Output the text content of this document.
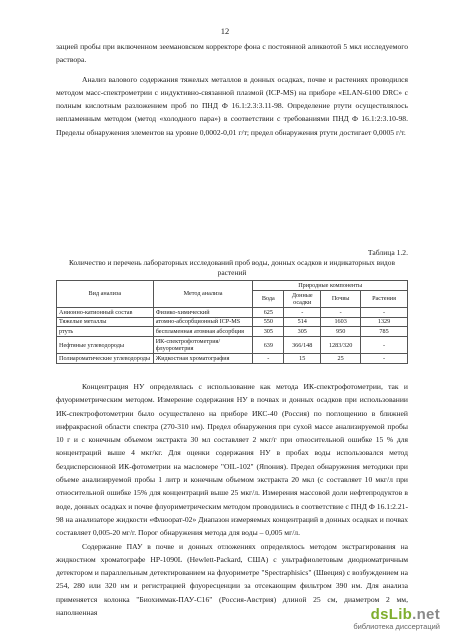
12

зацией пробы при включенном зеемановском корректоре фона с постоянной аликвотой 5 мкл исследуемого раствора.

Анализ валового содержания тяжелых металлов в донных осадках, почве и растениях проводился методом масс-спектрометрии с индуктивно-связанной плазмой (ICP-MS) на приборе «ELAN-6100 DRC» с полным кислотным разложением проб по ПНД Ф 16.1:2.3:3.11-98. Определение ртути осуществлялось непламенным методом (метод «холодного пара») в соответствии с требованиями ПНД Ф 16.1:2:3.10-98. Пределы обнаружения элементов на уровне 0,0002-0,01 г/т; предел обнаружения ртути достигает 0,0005 г/т.

Таблица 1.2.
Количество и перечень лабораторных исследований проб воды, донных осадков и индикаторных видов растений
Вид анализа	Метод анализа	Природные компоненты			
		Вода	Донные осадки	Почвы	Растения
Анионно-катионный состав	Физико-химический	625	-	-	-
Тяжелые металлы	атомно-абсорбционный ICP-MS	550	514	1603	1329
ртуть	беспламенная атомная абсорбция	305	305	950	785
Нефтяные углеводороды	ИК-спектрофотометрия/ флуорометрия	639	366/148	1283/320	-
Полиароматические углеводороды	Жидкостная хроматография	-	15	25	-

Концентрация НУ определялась с использование как метода ИК-спектрофотометрии, так и флуориметрическим методом. Измерение содержания НУ в почвах и донных осадков при использовании ИК-спектрофотометрии было осуществлено на приборе ИКС-40 (Россия) по поглощению в ближней инфракрасной области спектра (270-310 нм). Предел обнаружения при сухой массе анализируемой пробы 10 г и с конечным объемом экстракта 30 мл составляет 2 мкг/г при относительной ошибке 15 % для концентраций выше 4 мкг/кг. Для оценки содержания НУ в пробах воды использовался метод бездисперсионной ИК-фотометрии на масломере "OIL-102" (Япония). Предел обнаружения методики при объеме анализируемой пробы 1 литр и конечным объемом экстракта 20 мкл (с составляет 10 мкг/л при относительной ошибке 15% для концентраций выше 25 мкг/л. Измерения массовой доли нефтепродуктов в воде, донных осадках и почве флуориметрическим методом проводились в соответствие с ПНД Ф 16.1:2.21-98 на анализаторе жидкости «Флюорат-02» Диапазон измеряемых концентраций в донных осадках и почвах составляет 0,005-20 мг/г. Порог обнаружения метода для воды – 0,005 мг/л.

Содержание ПАУ в почве и донных отложениях определялось методом экстрагирования на жидкостном хроматографе HP-1090L (Hewlett-Packard, США) с ультрафиолетовым диодноматричным детектором и параллельным детектированием на флуориметре "Spectraphisics" (Швеция) с возбуждением на 254, 280 или 320 нм и регистрацией флуоресценции за отсекающим фильтром 390 нм. Для анализа применяется колонка "Биохиммак-ПАУ-С16" (Россия-Австрия) длиной 25 см, диаметром 2 мм, наполненная	dsLib.net
библиотека диссертаций
